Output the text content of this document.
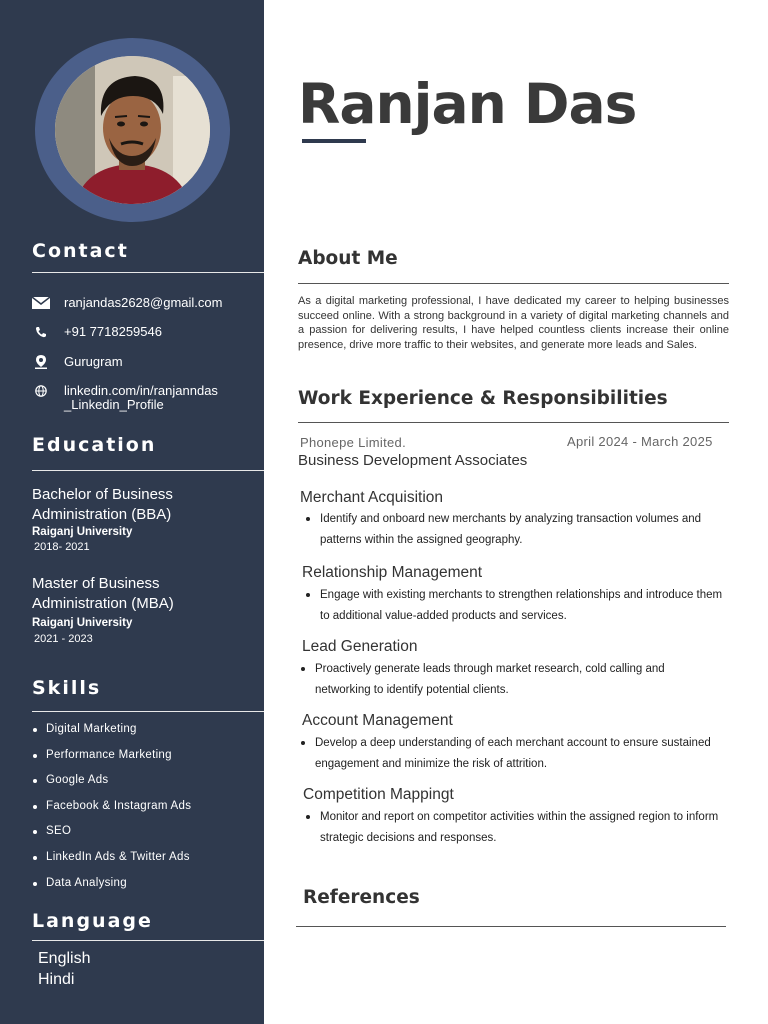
Contact
ranjandas2628@gmail.com
+91 7718259546
Gurugram
linkedin.com/in/ranjanndas
_Linkedin_Profile
Education
Bachelor of Business
Administration (BBA)
Raiganj University
2018- 2021
Master of Business
Administration (MBA)
Raiganj University
2021 - 2023
Skills
Digital Marketing
Performance Marketing
Google Ads
Facebook & Instagram Ads
SEO
LinkedIn Ads & Twitter Ads
Data Analysing
Language
English
Hindi
Ranjan Das
About Me

As a digital marketing professional, I have dedicated my career to helping businesses succeed online. With a strong background in a variety of digital marketing channels and a passion for delivering results, I have helped countless clients increase their online presence, drive more traffic to their websites, and generate more leads and Sales.

Work Experience & Responsibilities
Phonepe Limited.	April 2024 - March 2025
Business Development Associates
Merchant Acquisition

Identify and onboard new merchants by analyzing transaction volumes and patterns within the assigned geography.

Relationship Management

Engage with existing merchants to strengthen relationships and introduce them to additional value-added products and services.

Lead Generation

Proactively generate leads through market research, cold calling and networking to identify potential clients.

Account Management

Develop a deep understanding of each merchant account to ensure sustained engagement and minimize the risk of attrition.

Competition Mappingt

Monitor and report on competitor activities within the assigned region to inform strategic decisions and responses.

References
